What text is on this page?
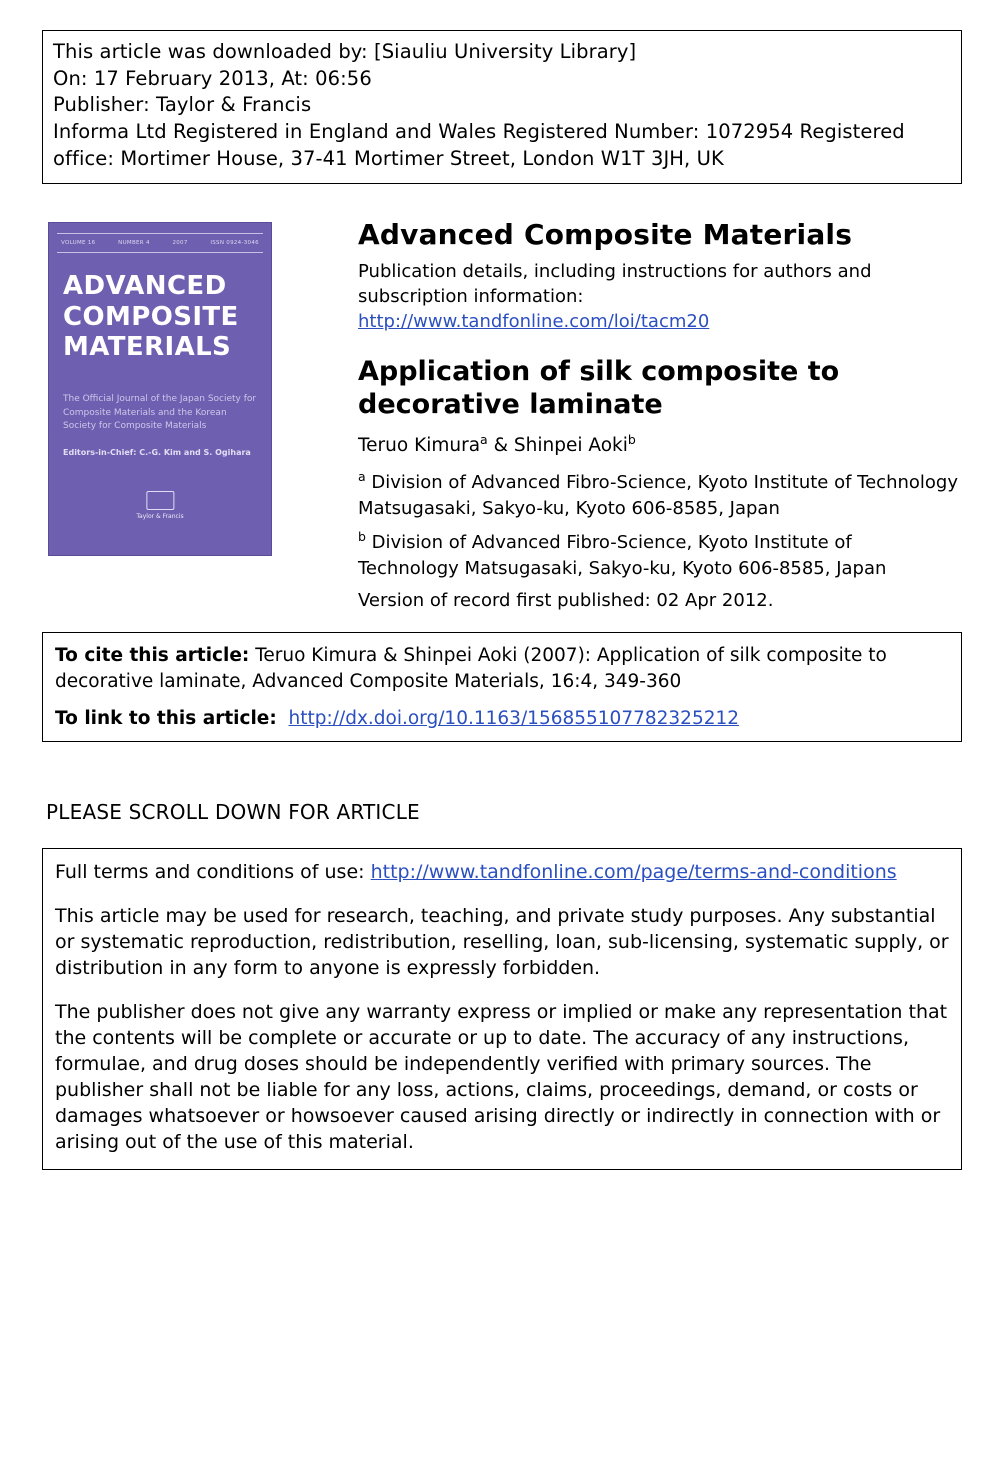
This article was downloaded by: [Siauliu University Library]
On: 17 February 2013, At: 06:56
Publisher: Taylor & Francis
Informa Ltd Registered in England and Wales Registered Number: 1072954 Registered office: Mortimer House, 37-41 Mortimer Street, London W1T 3JH, UK
VOLUME 16	NUMBER 4	2007	ISSN 0924-3046
ADVANCED
COMPOSITE
MATERIALS
The Official Journal of the Japan Society for Composite Materials and the Korean Society for Composite Materials
Editors-in-Chief: C.-G. Kim and S. Ogihara
Taylor & Francis
Advanced Composite Materials
Publication details, including instructions for authors and
subscription information:
http://www.tandfonline.com/loi/tacm20
Application of silk composite to decorative laminate
Teruo Kimura$^a$ & Shinpei Aoki$^b$
$^a$ Division of Advanced Fibro-Science, Kyoto Institute of Technology Matsugasaki, Sakyo-ku, Kyoto 606-8585, Japan
$^b$ Division of Advanced Fibro-Science, Kyoto Institute of Technology Matsugasaki, Sakyo-ku, Kyoto 606-8585, Japan
Version of record first published: 02 Apr 2012.
To cite this article: Teruo Kimura & Shinpei Aoki (2007): Application of silk composite to decorative laminate, Advanced Composite Materials, 16:4, 349-360
To link to this article: http://dx.doi.org/10.1163/156855107782325212
PLEASE SCROLL DOWN FOR ARTICLE

Full terms and conditions of use: http://www.tandfonline.com/page/terms-and-conditions

This article may be used for research, teaching, and private study purposes. Any substantial or systematic reproduction, redistribution, reselling, loan, sub-licensing, systematic supply, or distribution in any form to anyone is expressly forbidden.

The publisher does not give any warranty express or implied or make any representation that the contents will be complete or accurate or up to date. The accuracy of any instructions, formulae, and drug doses should be independently verified with primary sources. The publisher shall not be liable for any loss, actions, claims, proceedings, demand, or costs or damages whatsoever or howsoever caused arising directly or indirectly in connection with or arising out of the use of this material.
